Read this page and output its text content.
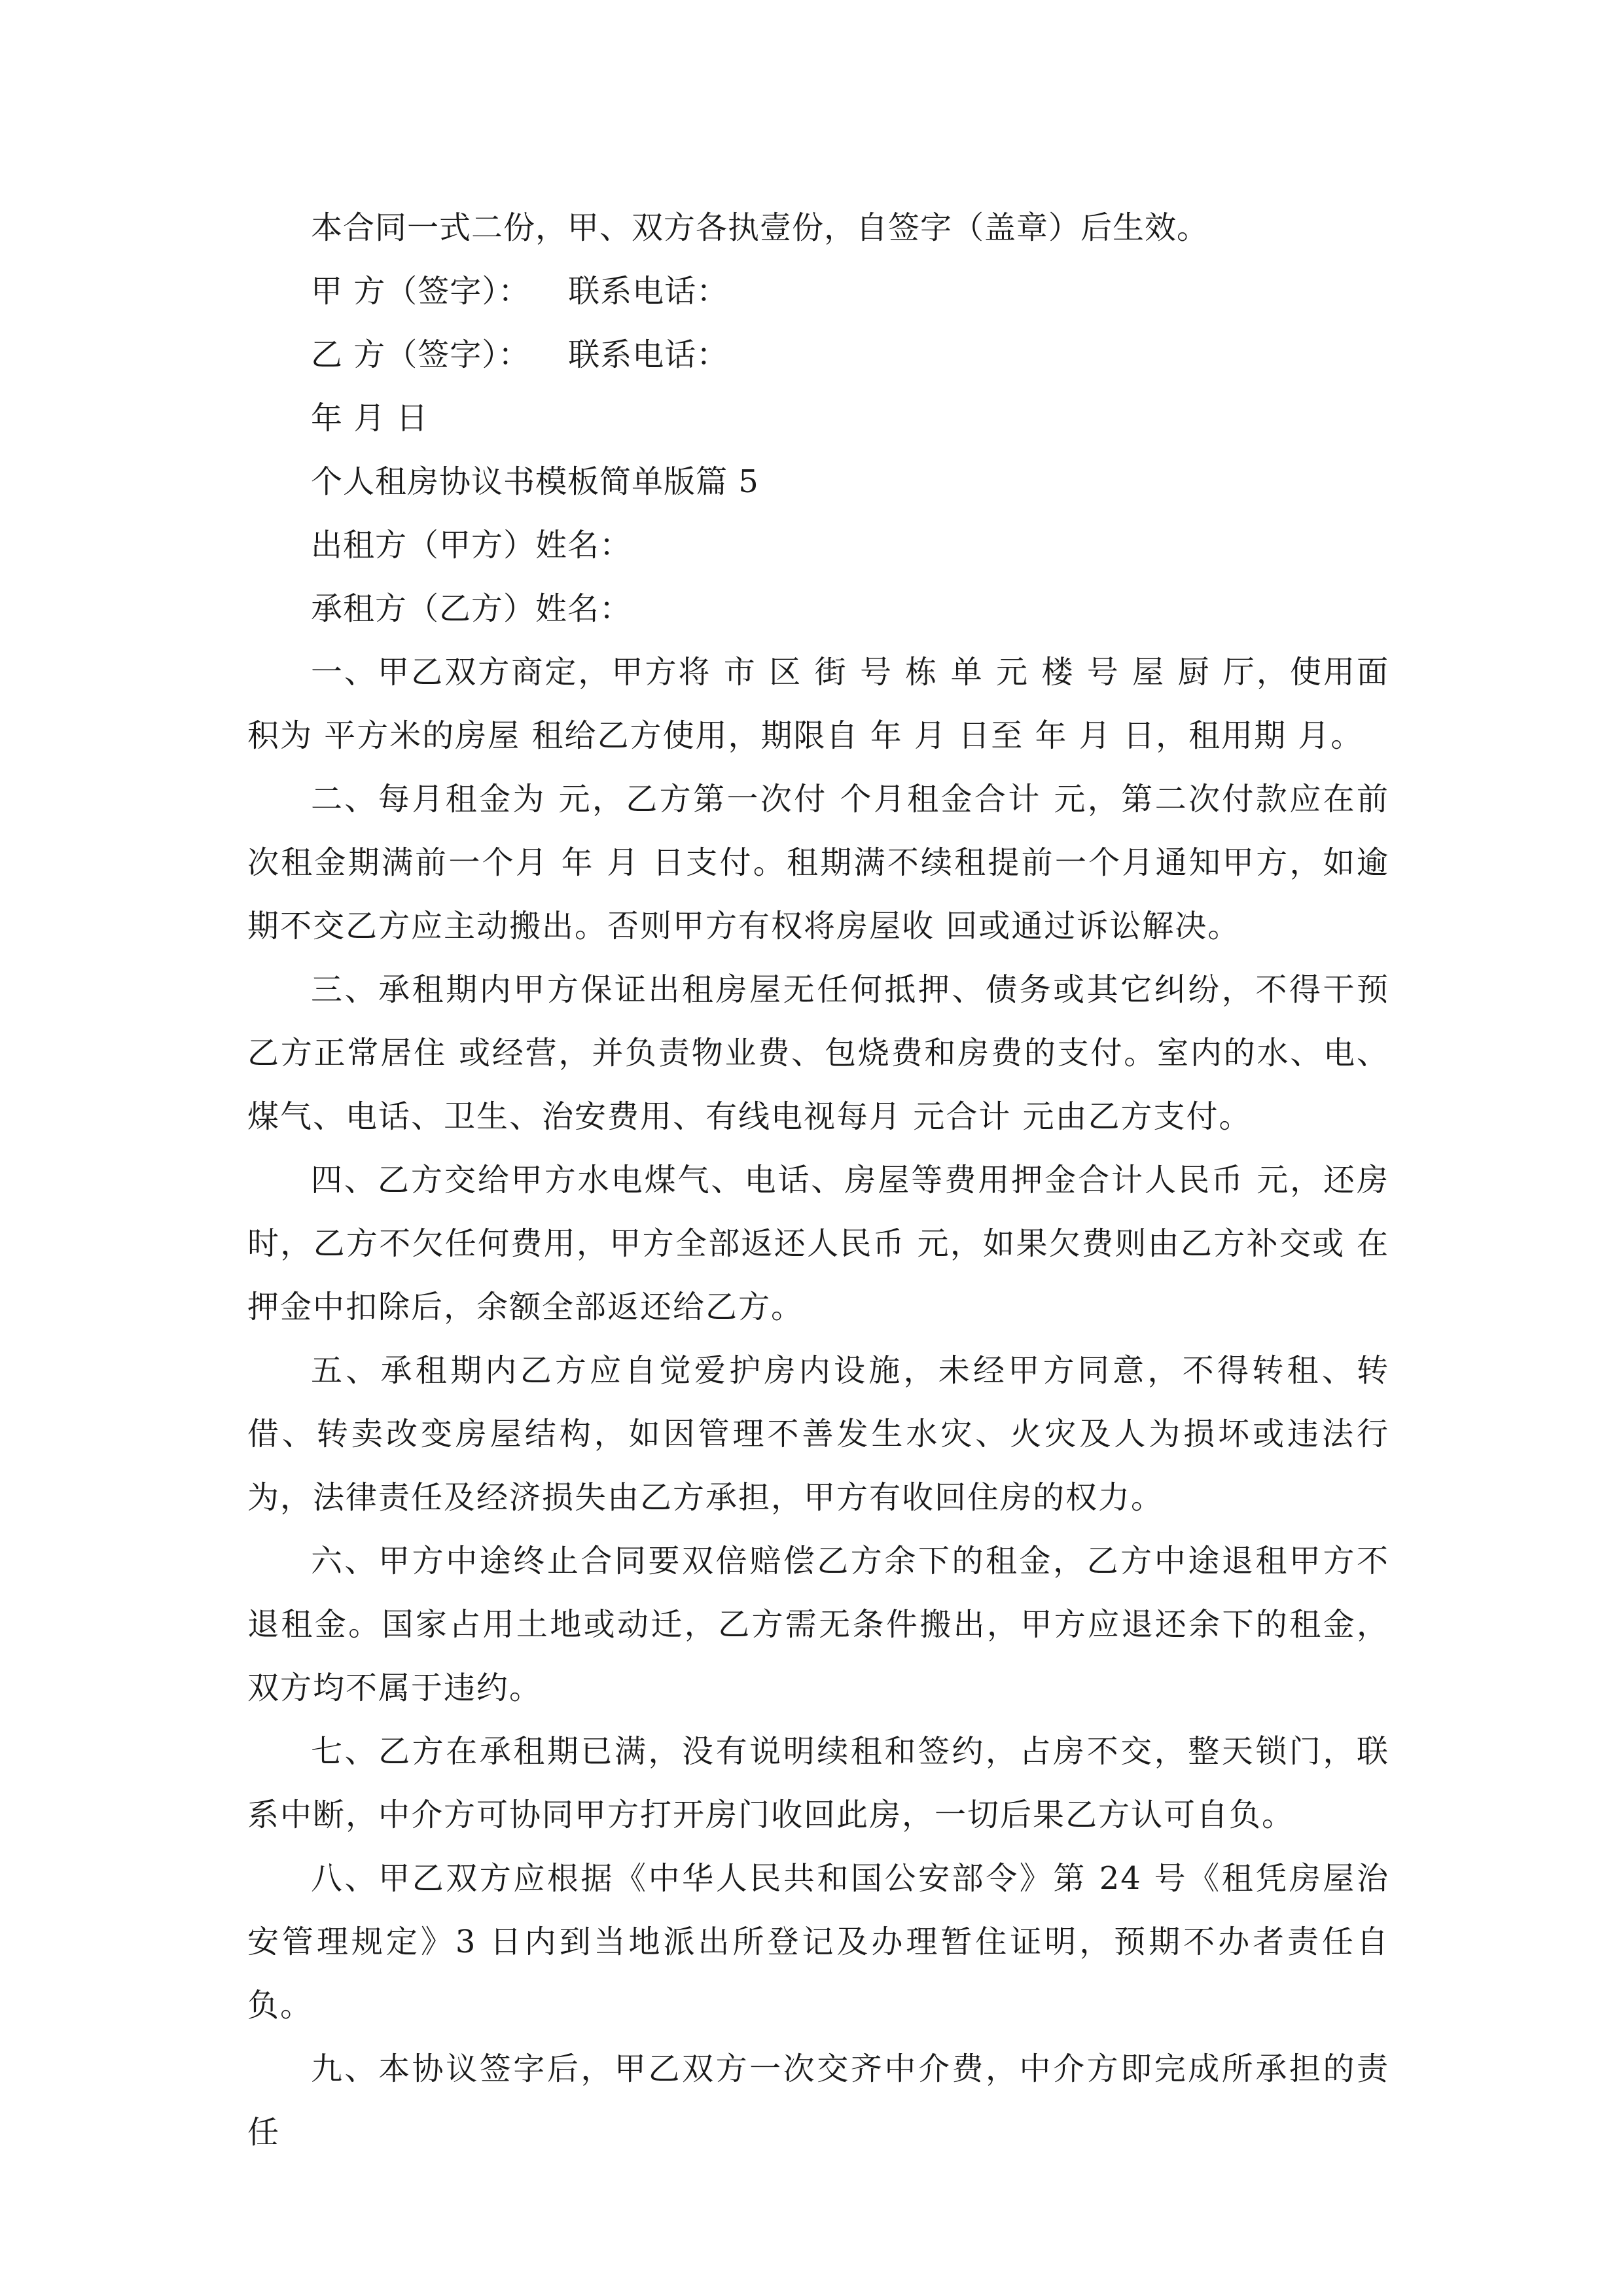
本合同一式二份，甲、双方各执壹份，自签字（盖章）后生效。
甲 方（签字）： 联系电话：
乙 方（签字）： 联系电话：
年 月 日
个人租房协议书模板简单版篇 5
出租方（甲方）姓名：
承租方（乙方）姓名：

一、甲乙双方商定，甲方将 市 区 街 号 栋 单 元 楼 号 屋 厨 厅，使用面积为 平方米的房屋 租给乙方使用，期限自 年 月 日至 年 月 日，租用期 月。

二、每月租金为 元，乙方第一次付 个月租金合计 元，第二次付款应在前次租金期满前一个月 年 月 日支付。租期满不续租提前一个月通知甲方，如逾期不交乙方应主动搬出。否则甲方有权将房屋收 回或通过诉讼解决。

三、承租期内甲方保证出租房屋无任何抵押、债务或其它纠纷，不得干预乙方正常居住 或经营，并负责物业费、包烧费和房费的支付。室内的水、电、煤气、电话、卫生、治安费用、有线电视每月 元合计 元由乙方支付。

四、乙方交给甲方水电煤气、电话、房屋等费用押金合计人民币 元，还房时，乙方不欠任何费用，甲方全部返还人民币 元，如果欠费则由乙方补交或 在押金中扣除后，余额全部返还给乙方。

五、承租期内乙方应自觉爱护房内设施，未经甲方同意，不得转租、转借、转卖改变房屋结构，如因管理不善发生水灾、火灾及人为损坏或违法行为，法律责任及经济损失由乙方承担，甲方有收回住房的权力。

六、甲方中途终止合同要双倍赔偿乙方余下的租金，乙方中途退租甲方不退租金。国家占用土地或动迁，乙方需无条件搬出，甲方应退还余下的租金，双方均不属于违约。

七、乙方在承租期已满，没有说明续租和签约，占房不交，整天锁门，联系中断，中介方可协同甲方打开房门收回此房，一切后果乙方认可自负。

八、甲乙双方应根据《中华人民共和国公安部令》第 24 号《租凭房屋治安管理规定》3 日内到当地派出所登记及办理暂住证明，预期不办者责任自负。

九、本协议签字后，甲乙双方一次交齐中介费，中介方即完成所承担的责任
